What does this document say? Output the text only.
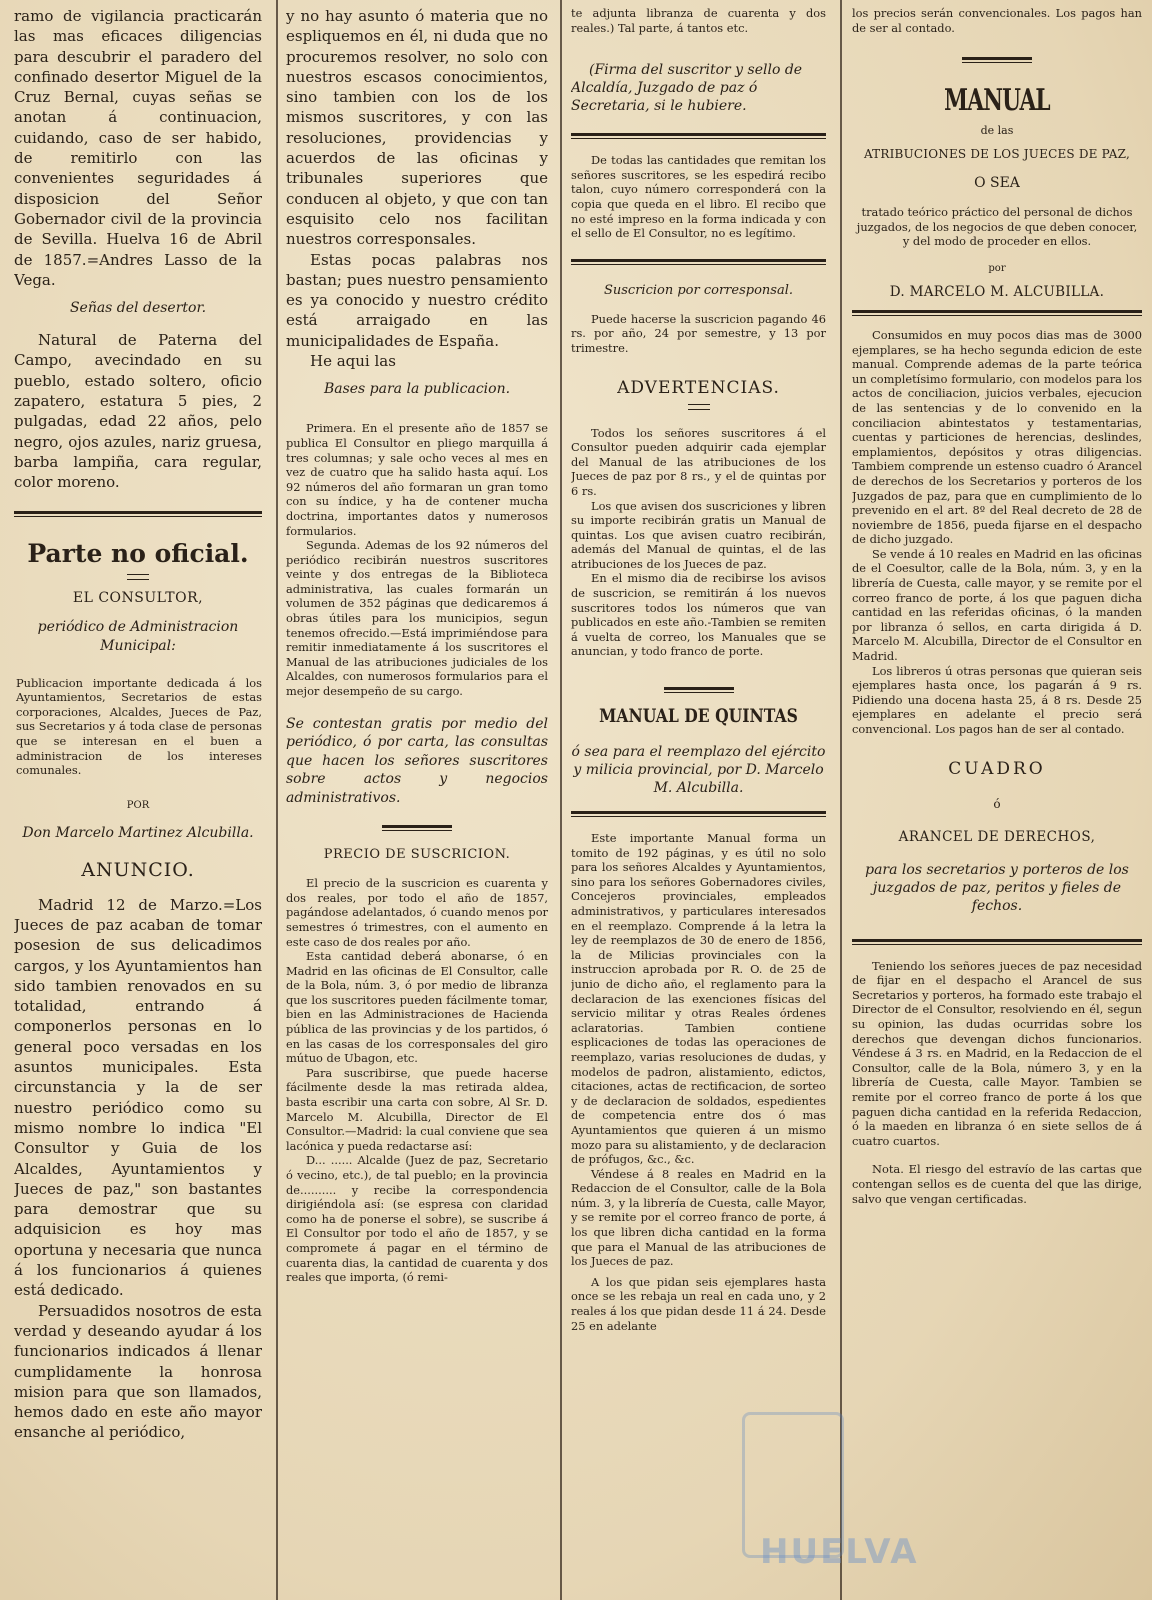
ramo de vigilancia practicarán las mas eficaces diligencias para descubrir el paradero del confinado desertor Miguel de la Cruz Bernal, cuyas señas se anotan á continuacion, cuidando, caso de ser habido, de remitirlo con las convenientes seguridades á disposicion del Señor Gobernador civil de la provincia de Sevilla. Huelva 16 de Abril de 1857.=Andres Lasso de la Vega.

Señas del desertor.

Natural de Paterna del Campo, avecindado en su pueblo, estado soltero, oficio zapatero, estatura 5 pies, 2 pulgadas, edad 22 años, pelo negro, ojos azules, nariz gruesa, barba lampiña, cara regular, color moreno.

Parte no oficial.

EL CONSULTOR,

periódico de Administracion Municipal:

Publicacion importante dedicada á los Ayuntamientos, Secretarios de estas corporaciones, Alcaldes, Jueces de Paz, sus Secretarios y á toda clase de personas que se interesan en el buen a administracion de los intereses comunales.

POR

Don Marcelo Martinez Alcubilla.

ANUNCIO.

Madrid 12 de Marzo.=Los Jueces de paz acaban de tomar posesion de sus delicadimos cargos, y los Ayuntamientos han sido tambien renovados en su totalidad, entrando á componerlos personas en lo general poco versadas en los asuntos municipales. Esta circunstancia y la de ser nuestro periódico como su mismo nombre lo indica "El Consultor y Guia de los Alcaldes, Ayuntamientos y Jueces de paz," son bastantes para demostrar que su adquisicion es hoy mas oportuna y necesaria que nunca á los funcionarios á quienes está dedicado.

Persuadidos nosotros de esta verdad y deseando ayudar á los funcionarios indicados á llenar cumplidamente la honrosa mision para que son llamados, hemos dado en este año mayor ensanche al periódico,

y no hay asunto ó materia que no espliquemos en él, ni duda que no procuremos resolver, no solo con nuestros escasos conocimientos, sino tambien con los de los mismos suscritores, y con las resoluciones, providencias y acuerdos de las oficinas y tribunales superiores que conducen al objeto, y que con tan esquisito celo nos facilitan nuestros corresponsales.

Estas pocas palabras nos bastan; pues nuestro pensamiento es ya conocido y nuestro crédito está arraigado en las municipalidades de España.

He aqui las

Bases para la publicacion.

Primera. En el presente año de 1857 se publica El Consultor en pliego marquilla á tres columnas; y sale ocho veces al mes en vez de cuatro que ha salido hasta aquí. Los 92 números del año formaran un gran tomo con su índice, y ha de contener mucha doctrina, importantes datos y numerosos formularios.

Segunda. Ademas de los 92 números del periódico recibirán nuestros suscritores veinte y dos entregas de la Biblioteca administrativa, las cuales formarán un volumen de 352 páginas que dedicaremos á obras útiles para los municipios, segun tenemos ofrecido.—Está imprimiéndose para remitir inmediatamente á los suscritores el Manual de las atribuciones judiciales de los Alcaldes, con numerosos formularios para el mejor desempeño de su cargo.

Se contestan gratis por medio del periódico, ó por carta, las consultas que hacen los señores suscritores sobre actos y negocios administrativos.

PRECIO DE SUSCRICION.

El precio de la suscricion es cuarenta y dos reales, por todo el año de 1857, pagándose adelantados, ó cuando menos por semestres ó trimestres, con el aumento en este caso de dos reales por año.

Esta cantidad deberá abonarse, ó en Madrid en las oficinas de El Consultor, calle de la Bola, núm. 3, ó por medio de libranza que los suscritores pueden fácilmente tomar, bien en las Administraciones de Hacienda pública de las provincias y de los partidos, ó en las casas de los corresponsales del giro mútuo de Ubagon, etc.

Para suscribirse, que puede hacerse fácilmente desde la mas retirada aldea, basta escribir una carta con sobre, Al Sr. D. Marcelo M. Alcubilla, Director de El Consultor.—Madrid: la cual conviene que sea lacónica y pueda redactarse así:

D... ...... Alcalde (Juez de paz, Secretario ó vecino, etc.), de tal pueblo; en la provincia de.......... y recibe la correspondencia dirigiéndola así: (se espresa con claridad como ha de ponerse el sobre), se suscribe á El Consultor por todo el año de 1857, y se compromete á pagar en el término de cuarenta dias, la cantidad de cuarenta y dos reales que importa, (ó remi-

te adjunta libranza de cuarenta y dos reales.) Tal parte, á tantos etc.

(Firma del suscritor y sello de Alcaldía, Juzgado de paz ó Secretaria, si le hubiere.

De todas las cantidades que remitan los señores suscritores, se les espedirá recibo talon, cuyo número corresponderá con la copia que queda en el libro. El recibo que no esté impreso en la forma indicada y con el sello de El Consultor, no es legítimo.

Suscricion por corresponsal.

Puede hacerse la suscricion pagando 46 rs. por año, 24 por semestre, y 13 por trimestre.

ADVERTENCIAS.

Todos los señores suscritores á el Consultor pueden adquirir cada ejemplar del Manual de las atribuciones de los Jueces de paz por 8 rs., y el de quintas por 6 rs.

Los que avisen dos suscriciones y libren su importe recibirán gratis un Manual de quintas. Los que avisen cuatro recibirán, además del Manual de quintas, el de las atribuciones de los Jueces de paz.

En el mismo dia de recibirse los avisos de suscricion, se remitirán á los nuevos suscritores todos los números que van publicados en este año.-Tambien se remiten á vuelta de correo, los Manuales que se anuncian, y todo franco de porte.

MANUAL DE QUINTAS

ó sea para el reemplazo del ejército y milicia provincial, por D. Marcelo M. Alcubilla.

Este importante Manual forma un tomito de 192 páginas, y es útil no solo para los señores Alcaldes y Ayuntamientos, sino para los señores Gobernadores civiles, Concejeros provinciales, empleados administrativos, y particulares interesados en el reemplazo. Comprende á la letra la ley de reemplazos de 30 de enero de 1856, la de Milicias provinciales con la instruccion aprobada por R. O. de 25 de junio de dicho año, el reglamento para la declaracion de las exenciones físicas del servicio militar y otras Reales órdenes aclaratorias. Tambien contiene esplicaciones de todas las operaciones de reemplazo, varias resoluciones de dudas, y modelos de padron, alistamiento, edictos, citaciones, actas de rectificacion, de sorteo y de declaracion de soldados, espedientes de competencia entre dos ó mas Ayuntamientos que quieren á un mismo mozo para su alistamiento, y de declaracion de prófugos, &c., &c.

Véndese á 8 reales en Madrid en la Redaccion de el Consultor, calle de la Bola núm. 3, y la librería de Cuesta, calle Mayor, y se remite por el correo franco de porte, á los que libren dicha cantidad en la forma que para el Manual de las atribuciones de los Jueces de paz.

A los que pidan seis ejemplares hasta once se les rebaja un real en cada uno, y 2 reales á los que pidan desde 11 á 24. Desde 25 en adelante

los precios serán convencionales. Los pagos han de ser al contado.

MANUAL

de las

ATRIBUCIONES DE LOS JUECES DE PAZ,

O SEA

tratado teórico práctico del personal de dichos juzgados, de los negocios de que deben conocer, y del modo de proceder en ellos.

por

D. MARCELO M. ALCUBILLA.

Consumidos en muy pocos dias mas de 3000 ejemplares, se ha hecho segunda edicion de este manual. Comprende ademas de la parte teórica un completísimo formulario, con modelos para los actos de conciliacion, juicios verbales, ejecucion de las sentencias y de lo convenido en la conciliacion abintestatos y testamentarias, cuentas y particiones de herencias, deslindes, emplamientos, depósitos y otras diligencias. Tambiem comprende un estenso cuadro ó Arancel de derechos de los Secretarios y porteros de los Juzgados de paz, para que en cumplimiento de lo prevenido en el art. 8º del Real decreto de 28 de noviembre de 1856, pueda fijarse en el despacho de dicho juzgado.

Se vende á 10 reales en Madrid en las oficinas de el Coesultor, calle de la Bola, núm. 3, y en la librería de Cuesta, calle mayor, y se remite por el correo franco de porte, á los que paguen dicha cantidad en las referidas oficinas, ó la manden por libranza ó sellos, en carta dirigida á D. Marcelo M. Alcubilla, Director de el Consultor en Madrid.

Los libreros ú otras personas que quieran seis ejemplares hasta once, los pagarán á 9 rs. Pidiendo una docena hasta 25, á 8 rs. Desde 25 ejemplares en adelante el precio será convencional. Los pagos han de ser al contado.

CUADRO

ó

ARANCEL DE DERECHOS,

para los secretarios y porteros de los juzgados de paz, peritos y fieles de fechos.

Teniendo los señores jueces de paz necesidad de fijar en el despacho el Arancel de sus Secretarios y porteros, ha formado este trabajo el Director de el Consultor, resolviendo en él, segun su opinion, las dudas ocurridas sobre los derechos que devengan dichos funcionarios. Véndese á 3 rs. en Madrid, en la Redaccion de el Consultor, calle de la Bola, número 3, y en la librería de Cuesta, calle Mayor. Tambien se remite por el correo franco de porte á los que paguen dicha cantidad en la referida Redaccion, ó la maeden en libranza ó en siete sellos de á cuatro cuartos.

Nota. El riesgo del estravío de las cartas que contengan sellos es de cuenta del que las dirige, salvo que vengan certificadas.

HUELVA
